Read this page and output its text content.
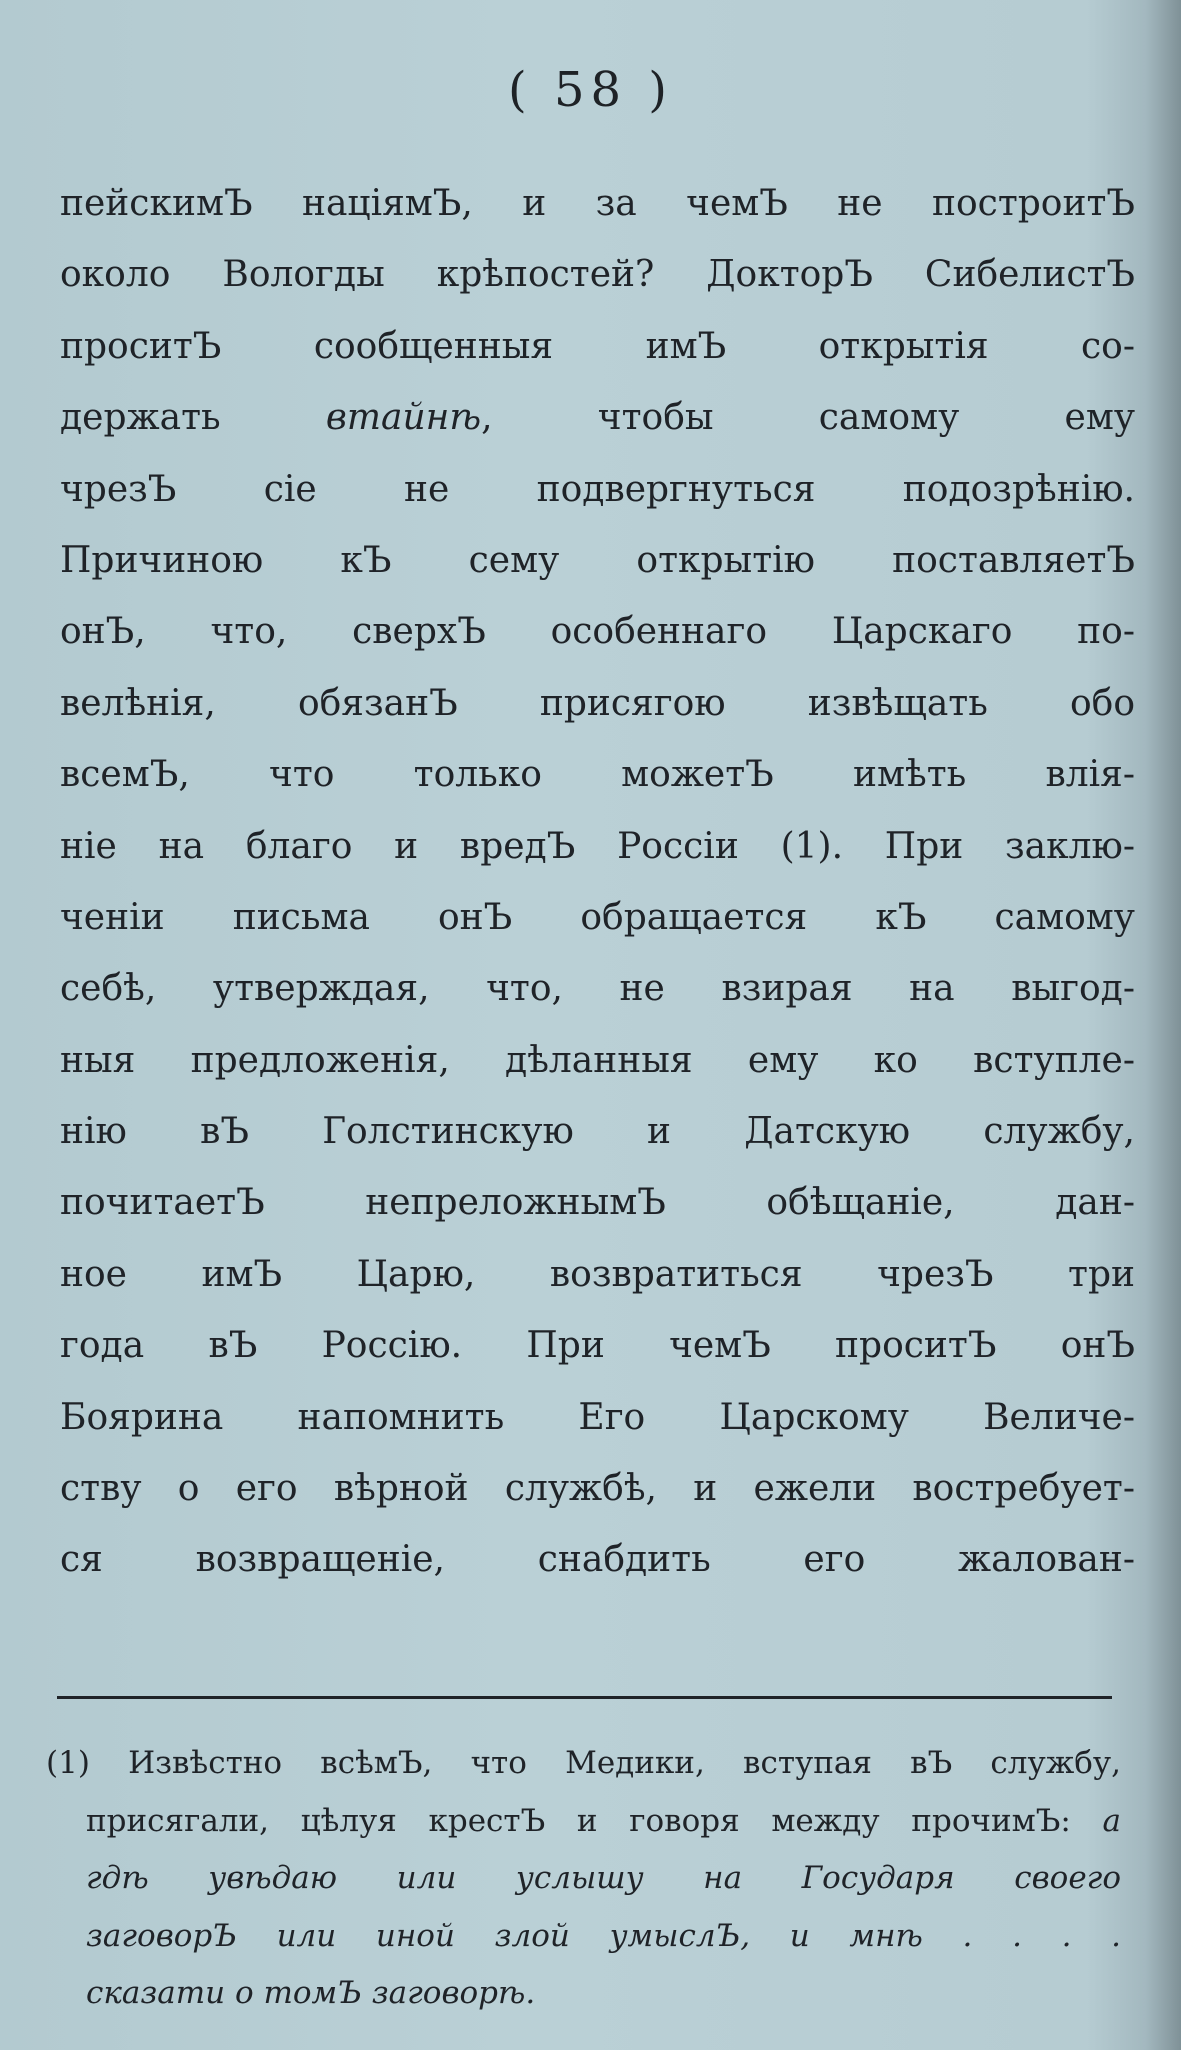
( 58 )
пейскимЪ націямЪ, и за чемЪ не построитЪ
около Вологды крѣпостей? ДокторЪ СибелистЪ
проситЪ сообщенныя имЪ открытія со-
держать	втайнѣ, чтобы самому ему
чрезЪ сіе не подвергнуться подозрѣнію.
Причиною кЪ сему открытію поставляетЪ
онЪ, что, сверхЪ особеннаго Царскаго по-
велѣнія, обязанЪ присягою извѣщать обо
всемЪ, что только можетЪ имѣть влія-
ніе на благо и вредЪ Россіи (1). При заклю-
ченіи письма онЪ обращается кЪ самому
себѣ, утверждая, что, не взирая на выгод-
ныя предложенія, дѣланныя ему ко вступле-
нію вЪ Голстинскую и Датскую службу,
почитаетЪ непреложнымЪ обѣщаніе, дан-
ное имЪ Царю, возвратиться чрезЪ три
года вЪ Россію. При чемЪ проситЪ онЪ
Боярина напомнить Его Царскому Величе-
ству о его вѣрной службѣ, и ежели востребует-
ся возвращеніе, снабдить его жалован-
(1) Извѣстно всѣмЪ, что Медики, вступая вЪ службу,
присягали, цѣлуя крестЪ и говоря между прочимЪ: а
гдѣ увѣдаю или услышу на Государя своего
заговорЪ или иной злой умыслЪ, и мнѣ . . . .
сказати о томЪ заговорѣ.
